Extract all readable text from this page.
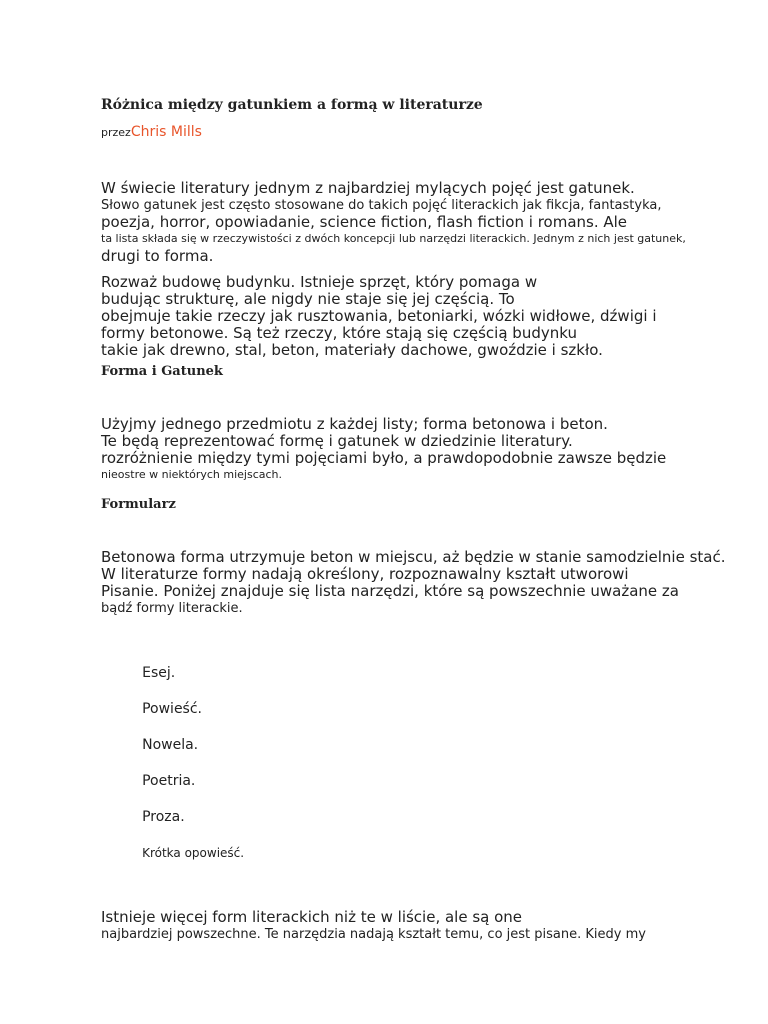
Różnica między gatunkiem a formą w literaturze
przezChris Mills
W świecie literatury jednym z najbardziej mylących pojęć jest gatunek.
Słowo gatunek jest często stosowane do takich pojęć literackich jak fikcja, fantastyka,
poezja, horror, opowiadanie, science fiction, flash fiction i romans. Ale
ta lista składa się w rzeczywistości z dwóch koncepcji lub narzędzi literackich. Jednym z nich jest gatunek,
drugi to forma.
Rozważ budowę budynku. Istnieje sprzęt, który pomaga w
budując strukturę, ale nigdy nie staje się jej częścią. To
obejmuje takie rzeczy jak rusztowania, betoniarki, wózki widłowe, dźwigi i
formy betonowe. Są też rzeczy, które stają się częścią budynku
takie jak drewno, stal, beton, materiały dachowe, gwoździe i szkło.
Forma i Gatunek
Użyjmy jednego przedmiotu z każdej listy; forma betonowa i beton.
Te będą reprezentować formę i gatunek w dziedzinie literatury.
rozróżnienie między tymi pojęciami było, a prawdopodobnie zawsze będzie
nieostre w niektórych miejscach.
Formularz
Betonowa forma utrzymuje beton w miejscu, aż będzie w stanie samodzielnie stać.
W literaturze formy nadają określony, rozpoznawalny kształt utworowi
Pisanie. Poniżej znajduje się lista narzędzi, które są powszechnie uważane za
bądź formy literackie.
Esej.
Powieść.
Nowela.
Poetria.
Proza.
Krótka opowieść.
Istnieje więcej form literackich niż te w liście, ale są one
najbardziej powszechne. Te narzędzia nadają kształt temu, co jest pisane. Kiedy my
